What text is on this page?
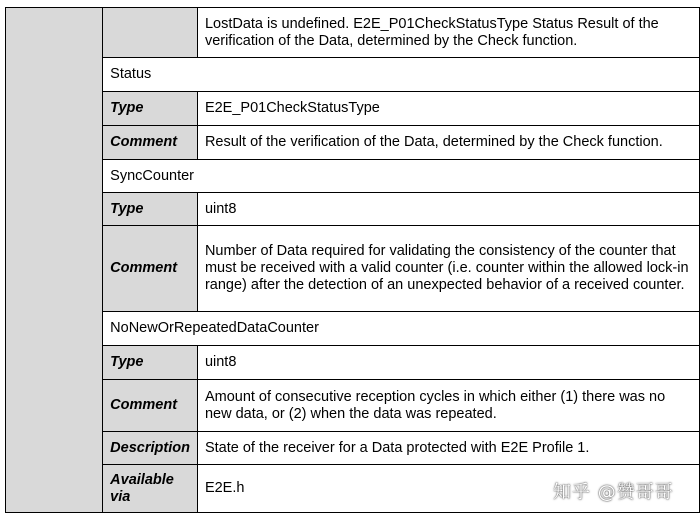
		LostData is undefined. E2E_P01CheckStatusType Status Result of the verification of the Data, determined by the Check function.
	Status	
	Type	E2E_P01CheckStatusType
	Comment	Result of the verification of the Data, determined by the Check function.
	SyncCounter	
	Type	uint8
	Comment	Number of Data required for validating the consistency of the counter that must be received with a valid counter (i.e. counter within the allowed lock-in range) after the detection of an unexpected behavior of a received counter.
	NoNewOrRepeatedDataCounter	
	Type	uint8
	Comment	Amount of consecutive reception cycles in which either (1) there was no new data, or (2) when the data was repeated.
	Description	State of the receiver for a Data protected with E2E Profile 1.
	Available via	E2E.h	知乎 @赞哥哥
